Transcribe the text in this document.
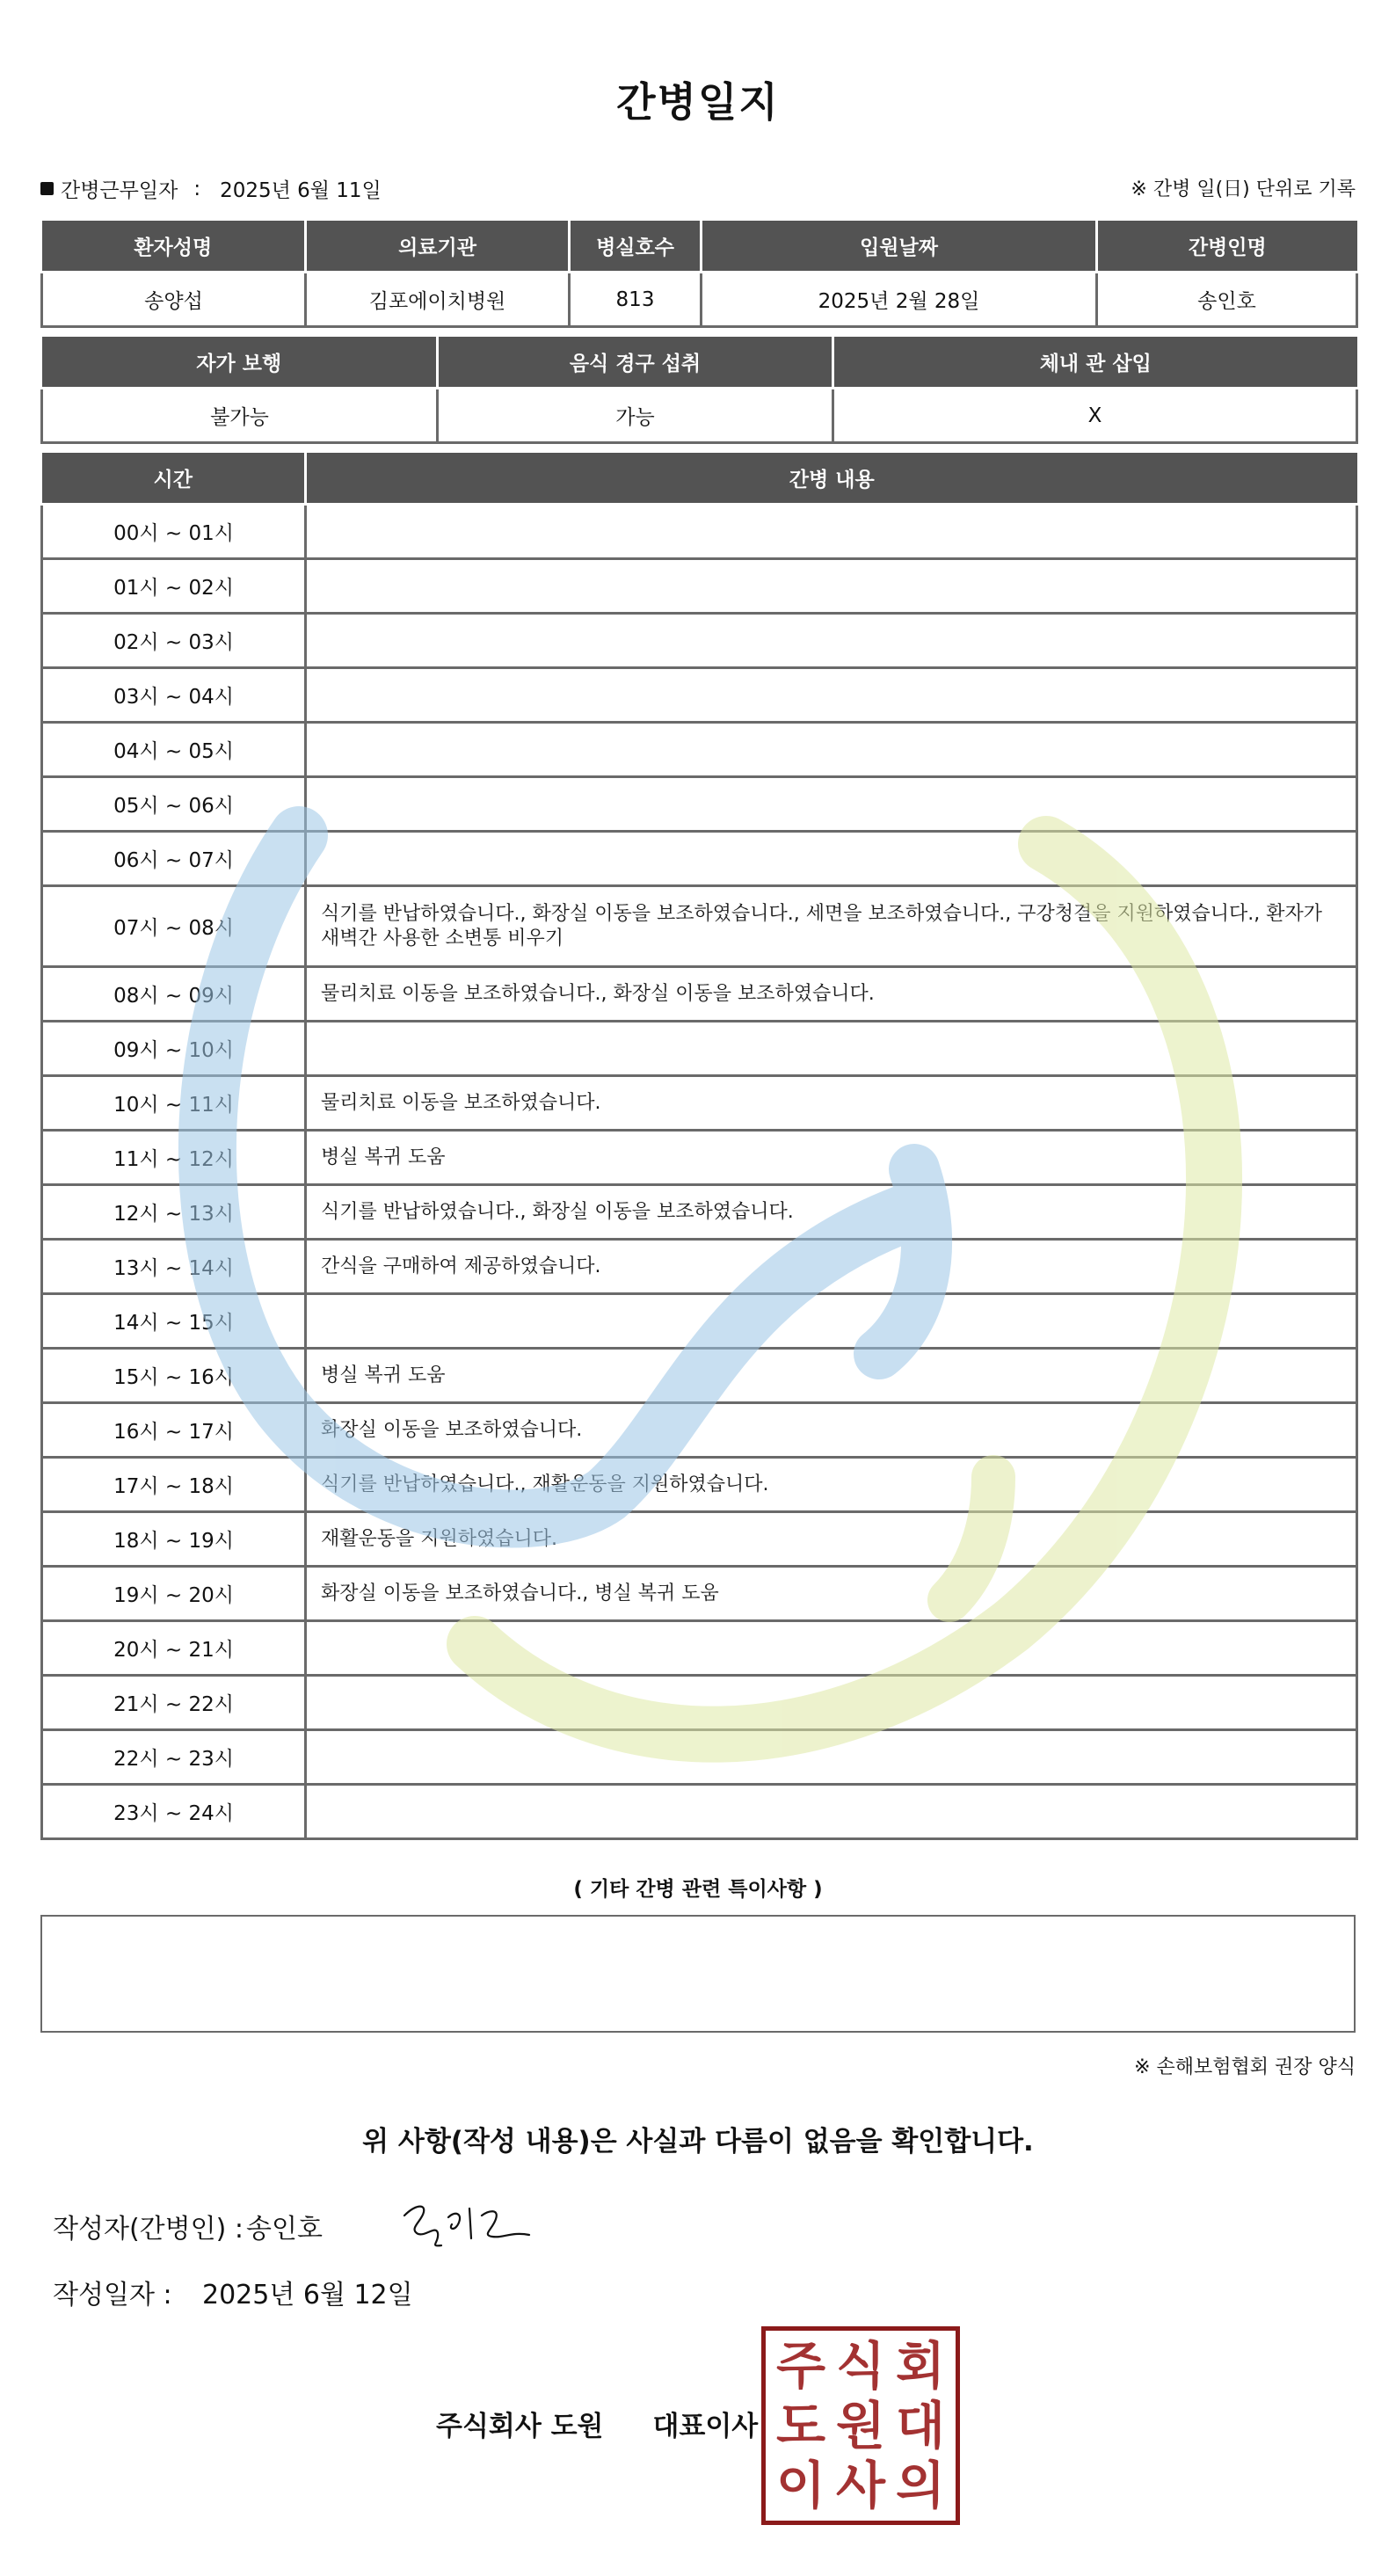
간병일지
간병근무일자 : 2025년 6월 11일	※ 간병 일(日) 단위로 기록
환자성명	의료기관	병실호수	입원날짜	간병인명
송양섭	김포에이치병원	813	2025년 2월 28일	송인호
자가 보행	음식 경구 섭취	체내 관 삽입
불가능	가능	X
시간	간병 내용
00시 ~ 01시	
01시 ~ 02시	
02시 ~ 03시	
03시 ~ 04시	
04시 ~ 05시	
05시 ~ 06시	
06시 ~ 07시	
07시 ~ 08시	식기를 반납하였습니다., 화장실 이동을 보조하였습니다., 세면을 보조하였습니다., 구강청결을 지원하였습니다., 환자가 새벽간 사용한 소변통 비우기
08시 ~ 09시	물리치료 이동을 보조하였습니다., 화장실 이동을 보조하였습니다.
09시 ~ 10시	
10시 ~ 11시	물리치료 이동을 보조하였습니다.
11시 ~ 12시	병실 복귀 도움
12시 ~ 13시	식기를 반납하였습니다., 화장실 이동을 보조하였습니다.
13시 ~ 14시	간식을 구매하여 제공하였습니다.
14시 ~ 15시	
15시 ~ 16시	병실 복귀 도움
16시 ~ 17시	화장실 이동을 보조하였습니다.
17시 ~ 18시	식기를 반납하였습니다., 재활운동을 지원하였습니다.
18시 ~ 19시	재활운동을 지원하였습니다.
19시 ~ 20시	화장실 이동을 보조하였습니다., 병실 복귀 도움
20시 ~ 21시	
21시 ~ 22시	
22시 ~ 23시	
23시 ~ 24시	
( 기타 간병 관련 특이사항 )
※ 손해보험협회 권장 양식
위 사항(작성 내용)은 사실과 다름이 없음을 확인합니다.
작성자(간병인) : 송인호
작성일자 :	2025년 6월 12일
주식회사 도원 대표이사
주 식 회
도 원 대
이 사 의
